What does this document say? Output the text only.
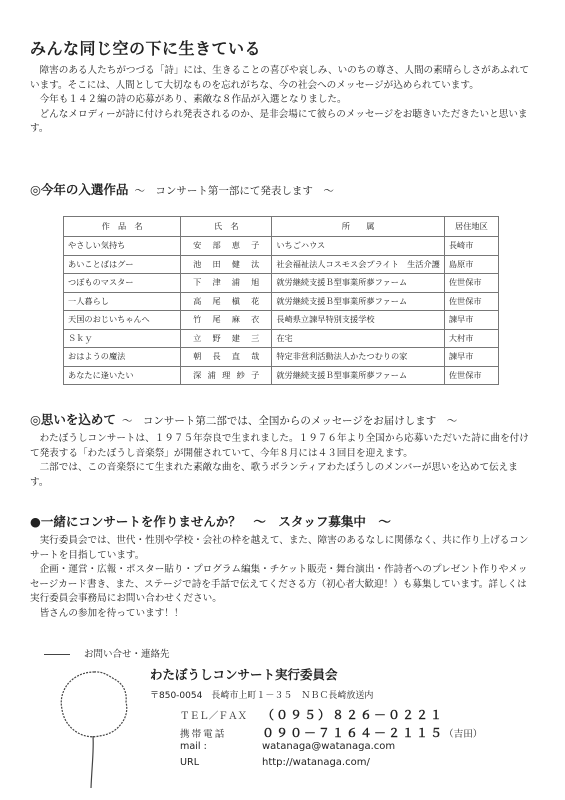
みんな同じ空の下に生きている

障害のある人たちがつづる「詩」には、生きることの喜びや哀しみ、いのちの尊さ、人間の素晴らしさがあふれています。そこには、人間として大切なものを忘れがちな、今の社会へのメッセージが込められています。

今年も１４２編の詩の応募があり、素敵な８作品が入選となりました。

どんなメロディーが詩に付けられ発表されるのか、是非会場にて彼らのメッセージをお聴きいただきたいと思います。

◎今年の入選作品 ～　コンサート第一部にて発表します　～
作　品　名	氏　名	所　　属	居住地区
やさしい気持ち	安部恵子	いちごハウス	長崎市
あいことばはグー	池田健汰	社会福祉法人コスモス会プライト　生活介護	島原市
つぼものマスター	下津浦旭	就労継続支援Ｂ型事業所夢ファーム	佐世保市
一人暮らし	高尾槇花	就労継続支援Ｂ型事業所夢ファーム	佐世保市
天国のおじいちゃんへ	竹尾麻衣	長崎県立諫早特別支援学校	諫早市
Ｓｋｙ	立野建三	在宅	大村市
おはようの魔法	朝長直哉	特定非営利活動法人かたつむりの家	諫早市
あなたに逢いたい	深浦理紗子	就労継続支援Ｂ型事業所夢ファーム	佐世保市
◎思いを込めて ～　コンサート第二部では、全国からのメッセージをお届けします　～

わたぼうしコンサートは、１９７５年奈良で生まれました。１９７６年より全国から応募いただいた詩に曲を付けて発表する「わたぼうし音楽祭」が開催されていて、今年８月には４３回目を迎えます。

二部では、この音楽祭にて生まれた素敵な曲を、歌うボランティアわたぼうしのメンバーが思いを込めて伝えます。

●一緒にコンサートを作りませんか？　～　スタッフ募集中　～

実行委員会では、世代・性別や学校・会社の枠を越えて、また、障害のあるなしに関係なく、共に作り上げるコンサートを目指しています。

企画・運営・広報・ポスター貼り・プログラム編集・チケット販売・舞台演出・作詩者へのプレゼント作りやメッセージカード書き、また、ステージで詩を手話で伝えてくださる方（初心者大歓迎！）も募集しています。詳しくは実行委員会事務局にお問い合わせください。

皆さんの参加を待っています！！

お問い合せ・連絡先
わたぼうしコンサート実行委員会
〒850-0054　長崎市上町１－３５　ＮＢＣ長崎放送内
ＴＥＬ／ＦＡＸ （０９５）８２６－０２２１
携帯電話	０９０－７１６４－２１１５（吉田）
mail :	watanaga@watanaga.com
URL	http://watanaga.com/
